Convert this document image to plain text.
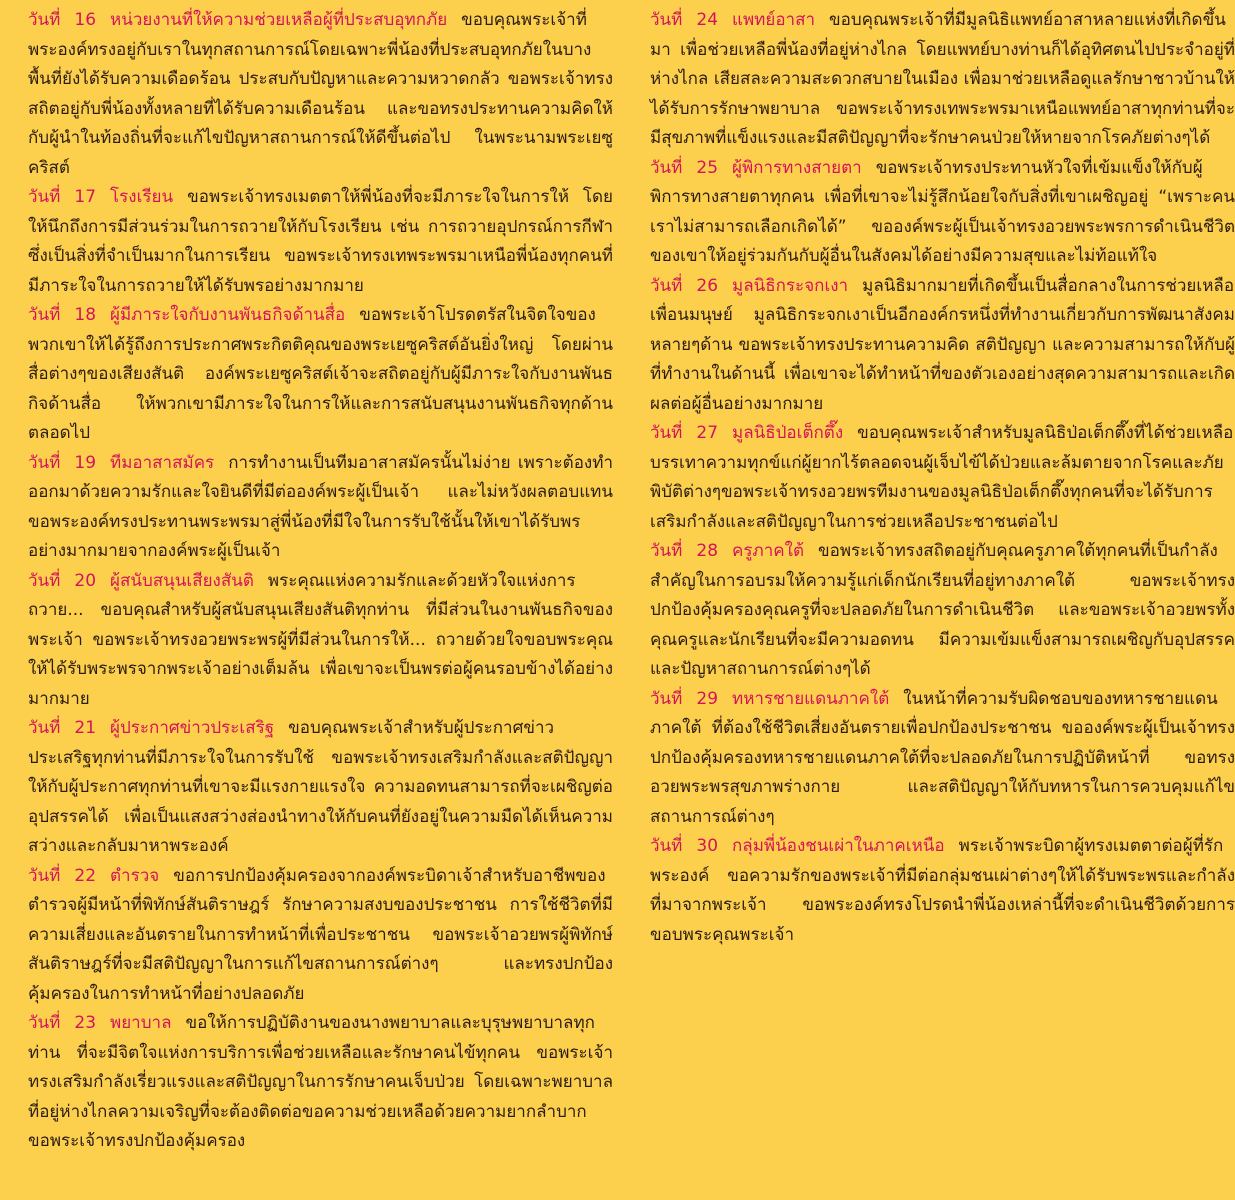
วันที่ 16 หน่วยงานที่ให้ความช่วยเหลือผู้ที่ประสบอุทกภัย ขอบคุณพระเจ้าที่พระองค์ทรงอยู่กับเราในทุกสถานการณ์โดยเฉพาะพี่น้องที่ประสบอุทกภัยในบางพื้นที่ยังได้รับความเดือดร้อน ประสบกับปัญหาและความหวาดกลัว ขอพระเจ้าทรงสถิตอยู่กับพี่น้องทั้งหลายที่ได้รับความเดือนร้อน และขอทรงประทานความคิดให้กับผู้นำในท้องถิ่นที่จะแก้ไขปัญหาสถานการณ์ให้ดีขึ้นต่อไป ในพระนามพระเยซูคริสต์

วันที่ 17 โรงเรียน ขอพระเจ้าทรงเมตตาให้พี่น้องที่จะมีภาระใจในการให้ โดยให้นึกถึงการมีส่วนร่วมในการถวายให้กับโรงเรียน เช่น การถวายอุปกรณ์การกีฬา ซึ่งเป็นสิ่งที่จำเป็นมากในการเรียน ขอพระเจ้าทรงเทพระพรมาเหนือพี่น้องทุกคนที่มีภาระใจในการถวายให้ได้รับพรอย่างมากมาย

วันที่ 18 ผู้มีภาระใจกับงานพันธกิจด้านสื่อ ขอพระเจ้าโปรดตรัสในจิตใจของพวกเขาให้ได้รู้ถึงการประกาศพระกิตติคุณของพระเยซูคริสต์อันยิ่งใหญ่ โดยผ่านสื่อต่างๆของเสียงสันติ องค์พระเยซูคริสต์เจ้าจะสถิตอยู่กับผู้มีภาระใจกับงานพันธกิจด้านสื่อ ให้พวกเขามีภาระใจในการให้และการสนับสนุนงานพันธกิจทุกด้านตลอดไป

วันที่ 19 ทีมอาสาสมัคร การทำงานเป็นทีมอาสาสมัครนั้นไม่ง่าย เพราะต้องทำออกมาด้วยความรักและใจยินดีที่มีต่อองค์พระผู้เป็นเจ้า และไม่หวังผลตอบแทน ขอพระองค์ทรงประทานพระพรมาสู่พี่น้องที่มีใจในการรับใช้นั้นให้เขาได้รับพรอย่างมากมายจากองค์พระผู้เป็นเจ้า

วันที่ 20 ผู้สนับสนุนเสียงสันติ พระคุณแห่งความรักและด้วยหัวใจแห่งการถวาย... ขอบคุณสำหรับผู้สนับสนุนเสียงสันติทุกท่าน ที่มีส่วนในงานพันธกิจของพระเจ้า ขอพระเจ้าทรงอวยพระพรผู้ที่มีส่วนในการให้... ถวายด้วยใจขอบพระคุณ ให้ได้รับพระพรจากพระเจ้าอย่างเต็มล้น เพื่อเขาจะเป็นพรต่อผู้คนรอบข้างได้อย่างมากมาย

วันที่ 21 ผู้ประกาศข่าวประเสริฐ ขอบคุณพระเจ้าสำหรับผู้ประกาศข่าวประเสริฐทุกท่านที่มีภาระใจในการรับใช้ ขอพระเจ้าทรงเสริมกำลังและสติปัญญาให้กับผู้ประกาศทุกท่านที่เขาจะมีแรงกายแรงใจ ความอดทนสามารถที่จะเผชิญต่ออุปสรรคได้ เพื่อเป็นแสงสว่างส่องนำทางให้กับคนที่ยังอยู่ในความมืดได้เห็นความสว่างและกลับมาหาพระองค์

วันที่ 22 ตำรวจ ขอการปกป้องคุ้มครองจากองค์พระบิดาเจ้าสำหรับอาชีพของตำรวจผู้มีหน้าที่พิทักษ์สันติราษฎร์ รักษาความสงบของประชาชน การใช้ชีวิตที่มีความเสี่ยงและอันตรายในการทำหน้าที่เพื่อประชาชน ขอพระเจ้าอวยพรผู้พิทักษ์สันติราษฎร์ที่จะมีสติปัญญาในการแก้ไขสถานการณ์ต่างๆ และทรงปกป้องคุ้มครองในการทำหน้าที่อย่างปลอดภัย

วันที่ 23 พยาบาล ขอให้การปฏิบัติงานของนางพยาบาลและบุรุษพยาบาลทุกท่าน ที่จะมีจิตใจแห่งการบริการเพื่อช่วยเหลือและรักษาคนไข้ทุกคน ขอพระเจ้าทรงเสริมกำลังเรี่ยวแรงและสติปัญญาในการรักษาคนเจ็บป่วย โดยเฉพาะพยาบาลที่อยู่ห่างไกลความเจริญที่จะต้องติดต่อขอความช่วยเหลือด้วยความยากลำบาก ขอพระเจ้าทรงปกป้องคุ้มครอง

วันที่ 24 แพทย์อาสา ขอบคุณพระเจ้าที่มีมูลนิธิแพทย์อาสาหลายแห่งที่เกิดขึ้นมา เพื่อช่วยเหลือพี่น้องที่อยู่ห่างไกล โดยแพทย์บางท่านก็ได้อุทิศตนไปประจำอยู่ที่ห่างไกล เสียสละความสะดวกสบายในเมือง เพื่อมาช่วยเหลือดูแลรักษาชาวบ้านให้ได้รับการรักษาพยาบาล ขอพระเจ้าทรงเทพระพรมาเหนือแพทย์อาสาทุกท่านที่จะมีสุขภาพที่แข็งแรงและมีสติปัญญาที่จะรักษาคนป่วยให้หายจากโรคภัยต่างๆได้

วันที่ 25 ผู้พิการทางสายตา ขอพระเจ้าทรงประทานหัวใจที่เข้มแข็งให้กับผู้พิการทางสายตาทุกคน เพื่อที่เขาจะไม่รู้สึกน้อยใจกับสิ่งที่เขาเผชิญอยู่ “เพราะคนเราไม่สามารถเลือกเกิดได้” ขอองค์พระผู้เป็นเจ้าทรงอวยพระพรการดำเนินชีวิตของเขาให้อยู่ร่วมกันกับผู้อื่นในสังคมได้อย่างมีความสุขและไม่ท้อแท้ใจ

วันที่ 26 มูลนิธิกระจกเงา มูลนิธิมากมายที่เกิดขึ้นเป็นสื่อกลางในการช่วยเหลือเพื่อนมนุษย์ มูลนิธิกระจกเงาเป็นอีกองค์กรหนึ่งที่ทำงานเกี่ยวกับการพัฒนาสังคมหลายๆด้าน ขอพระเจ้าทรงประทานความคิด สติปัญญา และความสามารถให้กับผู้ที่ทำงานในด้านนี้ เพื่อเขาจะได้ทำหน้าที่ของตัวเองอย่างสุดความสามารถและเกิดผลต่อผู้อื่นอย่างมากมาย

วันที่ 27 มูลนิธิป่อเต็กตึ๊ง ขอบคุณพระเจ้าสำหรับมูลนิธิป่อเต็กตึ๊งที่ได้ช่วยเหลือบรรเทาความทุกข์แก่ผู้ยากไร้ตลอดจนผู้เจ็บไข้ได้ป่วยและล้มตายจากโรคและภัยพิบัติต่างๆขอพระเจ้าทรงอวยพรทีมงานของมูลนิธิป่อเต็กตึ๊งทุกคนที่จะได้รับการเสริมกำลังและสติปัญญาในการช่วยเหลือประชาชนต่อไป

วันที่ 28 ครูภาคใต้ ขอพระเจ้าทรงสถิตอยู่กับคุณครูภาคใต้ทุกคนที่เป็นกำลังสำคัญในการอบรมให้ความรู้แก่เด็กนักเรียนที่อยู่ทางภาคใต้ ขอพระเจ้าทรงปกป้องคุ้มครองคุณครูที่จะปลอดภัยในการดำเนินชีวิต และขอพระเจ้าอวยพรทั้งคุณครูและนักเรียนที่จะมีความอดทน มีความเข้มแข็งสามารถเผชิญกับอุปสรรคและปัญหาสถานการณ์ต่างๆได้

วันที่ 29 ทหารชายแดนภาคใต้ ในหน้าที่ความรับผิดชอบของทหารชายแดนภาคใต้ ที่ต้องใช้ชีวิตเสี่ยงอันตรายเพื่อปกป้องประชาชน ขอองค์พระผู้เป็นเจ้าทรงปกป้องคุ้มครองทหารชายแดนภาคใต้ที่จะปลอดภัยในการปฏิบัติหน้าที่ ขอทรงอวยพระพรสุขภาพร่างกาย และสติปัญญาให้กับทหารในการควบคุมแก้ไขสถานการณ์ต่างๆ

วันที่ 30 กลุ่มพี่น้องชนเผ่าในภาคเหนือ พระเจ้าพระบิดาผู้ทรงเมตตาต่อผู้ที่รักพระองค์ ขอความรักของพระเจ้าที่มีต่อกลุ่มชนเผ่าต่างๆให้ได้รับพระพรและกำลังที่มาจากพระเจ้า ขอพระองค์ทรงโปรดนำพี่น้องเหล่านี้ที่จะดำเนินชีวิตด้วยการขอบพระคุณพระเจ้า
